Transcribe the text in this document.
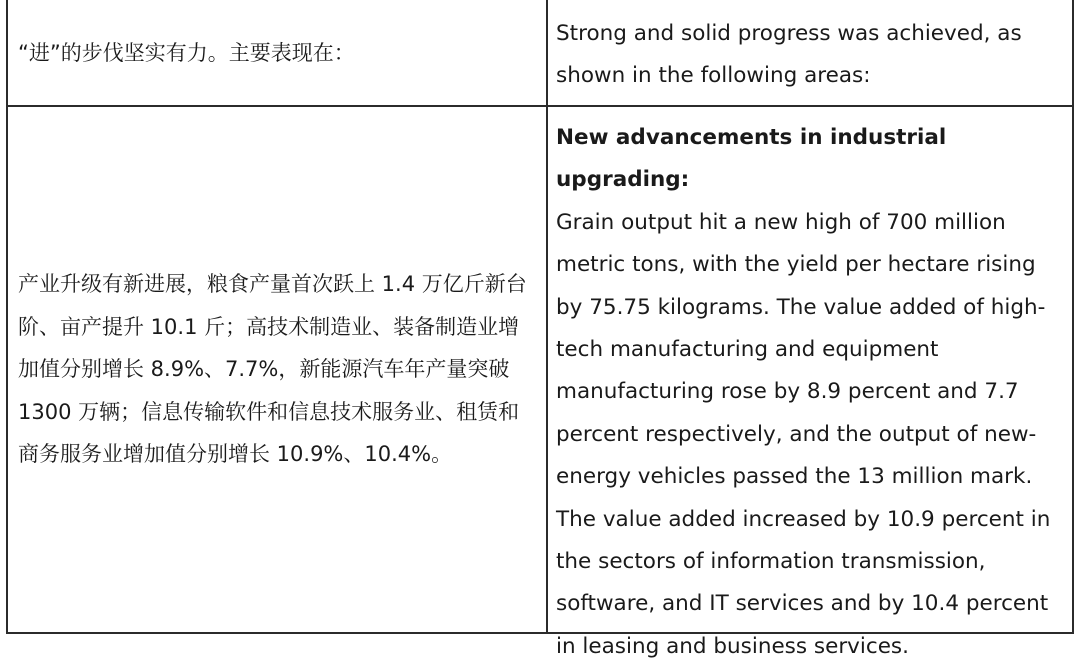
“进”的步伐坚实有力。主要表现在：
Strong and solid progress was achieved, as shown in the following areas:
产业升级有新进展，粮食产量首次跃上 1.4 万亿斤新台阶、亩产提升 10.1 斤；高技术制造业、装备制造业增加值分别增长 8.9%、7.7%，新能源汽车年产量突破 1300 万辆；信息传输软件和信息技术服务业、租赁和商务服务业增加值分别增长 10.9%、10.4%。
New advancements in industrial upgrading:
Grain output hit a new high of 700 million metric tons, with the yield per hectare rising by 75.75 kilograms. The value added of high-tech manufacturing and equipment manufacturing rose by 8.9 percent and 7.7 percent respectively, and the output of new-energy vehicles passed the 13 million mark. The value added increased by 10.9 percent in the sectors of information transmission, software, and IT services and by 10.4 percent in leasing and business services.
